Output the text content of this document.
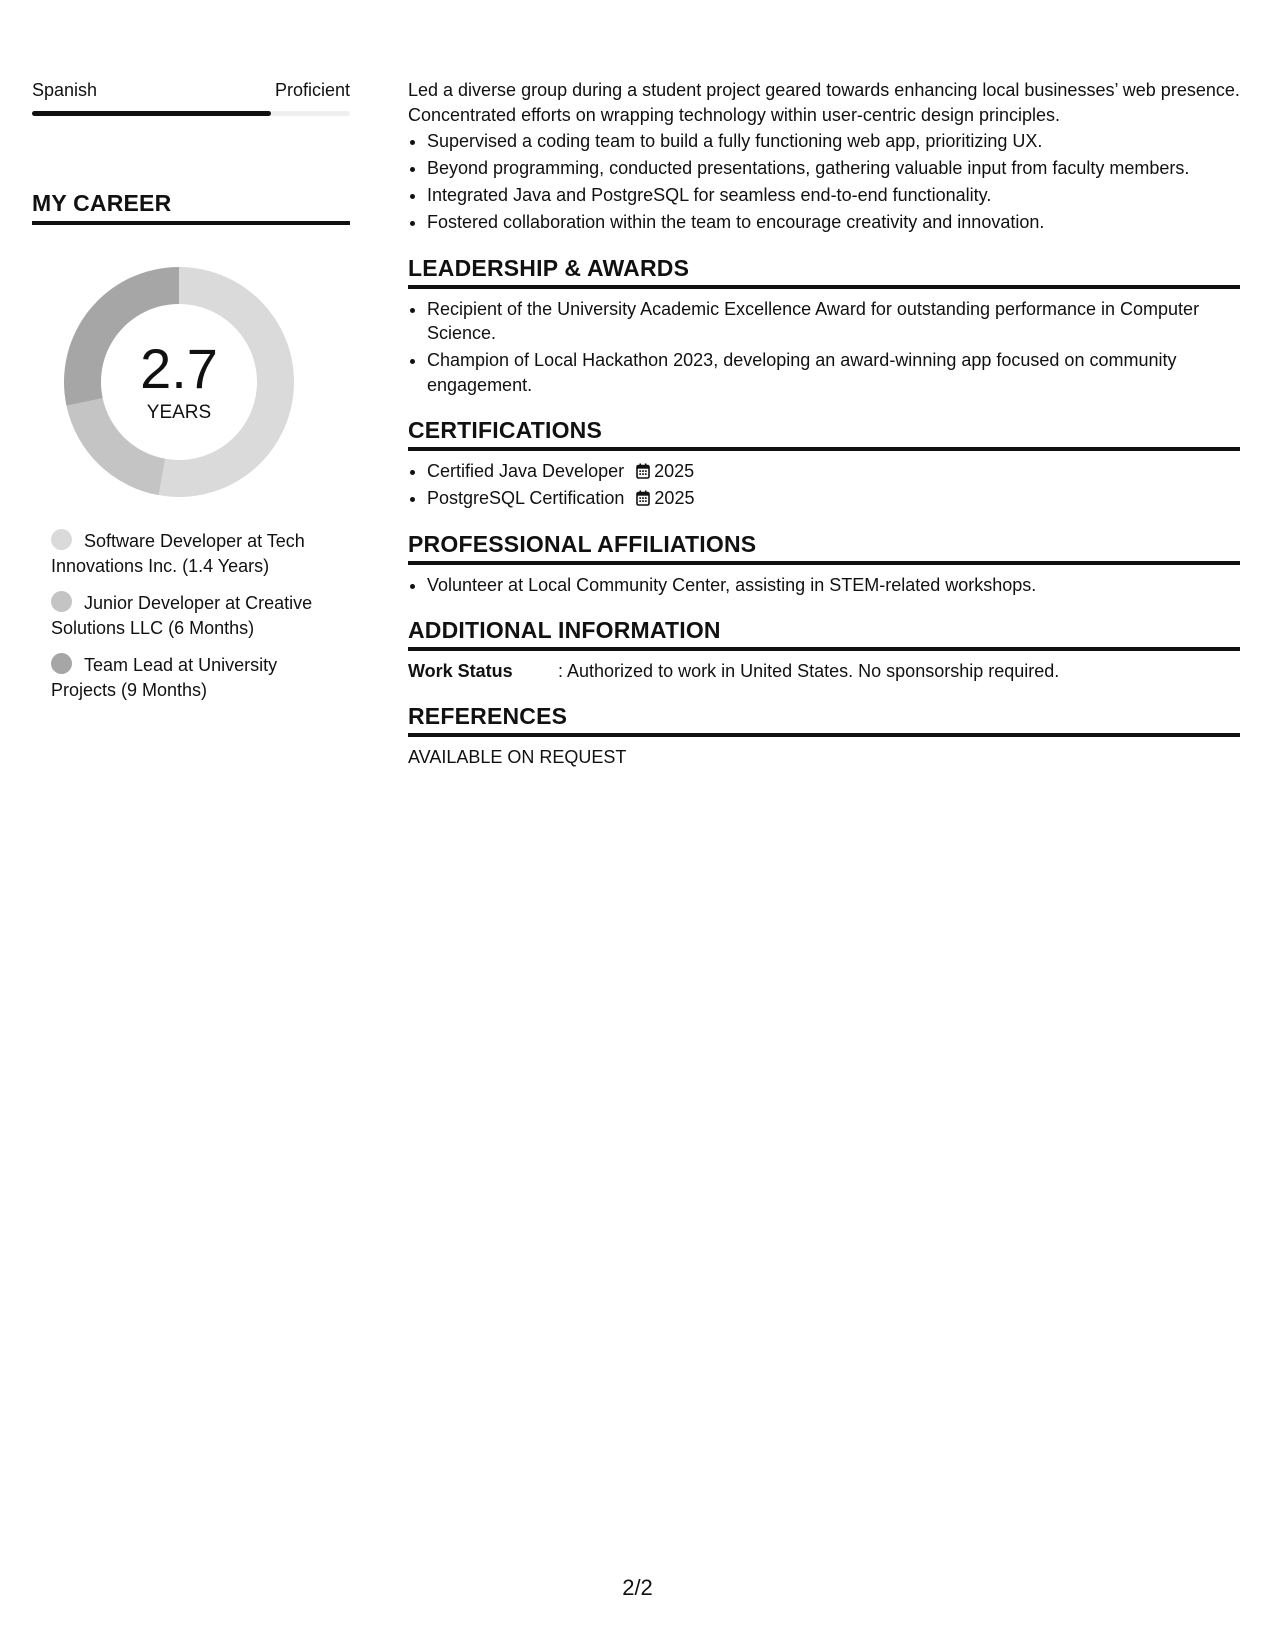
Spanish	Proficient
MY CAREER
2.7
YEARS
Software Developer at Tech Innovations Inc. (1.4 Years)
Junior Developer at Creative Solutions LLC (6 Months)
Team Lead at University Projects (9 Months)

Led a diverse group during a student project geared towards enhancing local businesses’ web presence. Concentrated efforts on wrapping technology within user-centric design principles.

• Supervised a coding team to build a fully functioning web app, prioritizing UX.
• Beyond programming, conducted presentations, gathering valuable input from faculty members.
• Integrated Java and PostgreSQL for seamless end-to-end functionality.
• Fostered collaboration within the team to encourage creativity and innovation.
LEADERSHIP & AWARDS
• Recipient of the University Academic Excellence Award for outstanding performance in Computer Science.
• Champion of Local Hackathon 2023, developing an award-winning app focused on community engagement.
CERTIFICATIONS
• Certified Java Developer 2025
• PostgreSQL Certification 2025
PROFESSIONAL AFFILIATIONS
• Volunteer at Local Community Center, assisting in STEM-related workshops.
ADDITIONAL INFORMATION
Work Status	: Authorized to work in United States. No sponsorship required.
REFERENCES
AVAILABLE ON REQUEST
2/2
